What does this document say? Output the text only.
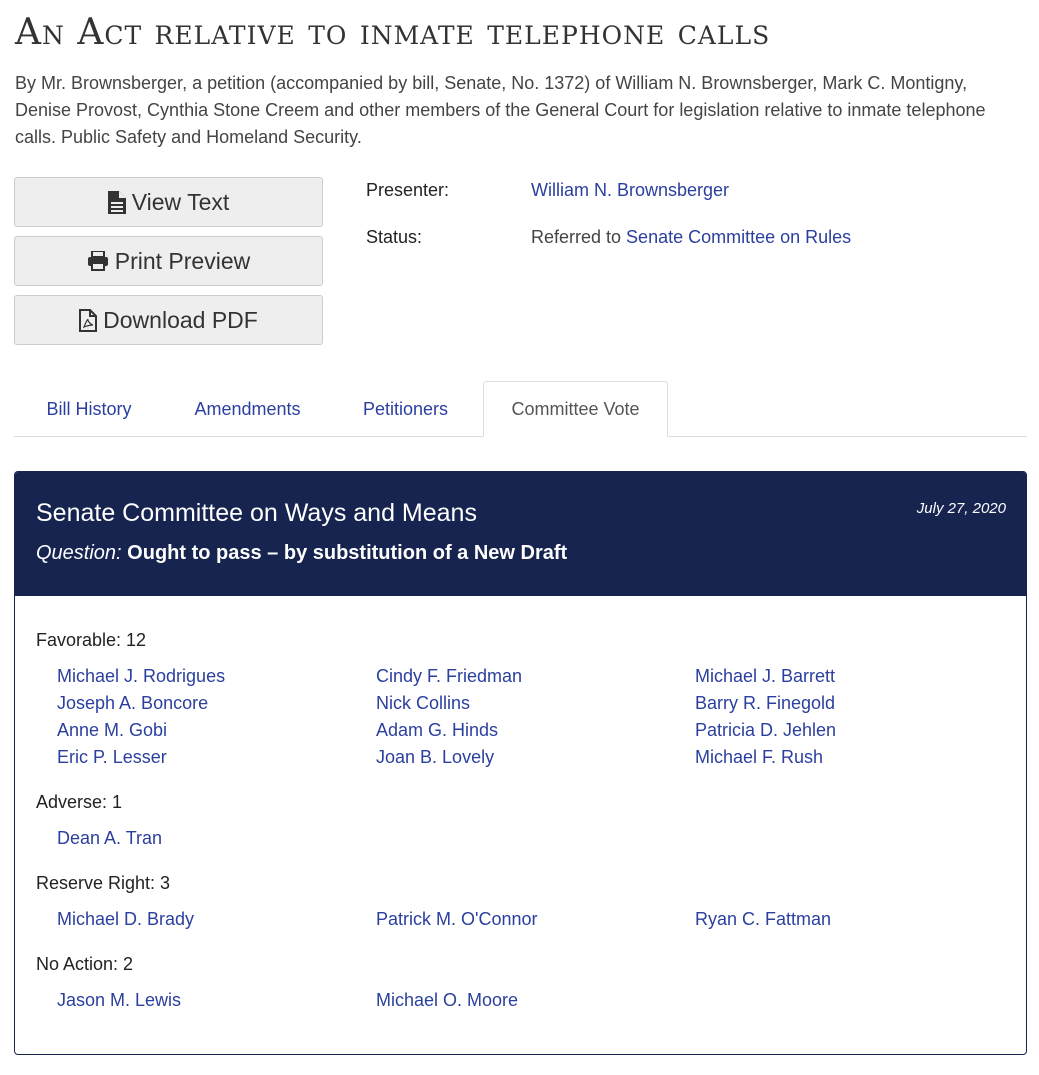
An Act relative to inmate telephone calls

By Mr. Brownsberger, a petition (accompanied by bill, Senate, No. 1372) of William N. Brownsberger, Mark C. Montigny, Denise Provost, Cynthia Stone Creem and other members of the General Court for legislation relative to inmate telephone calls. Public Safety and Homeland Security.

View Text
Print Preview
Download PDF
Presenter:	William N. Brownsberger
Status:	Referred to Senate Committee on Rules
Bill History	Amendments	Petitioners	Committee Vote
Senate Committee on Ways and Means	July 27, 2020
Question: Ought to pass – by substitution of a New Draft
Favorable: 12
Michael J. Rodrigues	Cindy F. Friedman	Michael J. Barrett
Joseph A. Boncore	Nick Collins	Barry R. Finegold
Anne M. Gobi	Adam G. Hinds	Patricia D. Jehlen
Eric P. Lesser	Joan B. Lovely	Michael F. Rush
Adverse: 1
Dean A. Tran
Reserve Right: 3
Michael D. Brady	Patrick M. O'Connor	Ryan C. Fattman
No Action: 2
Jason M. Lewis	Michael O. Moore
